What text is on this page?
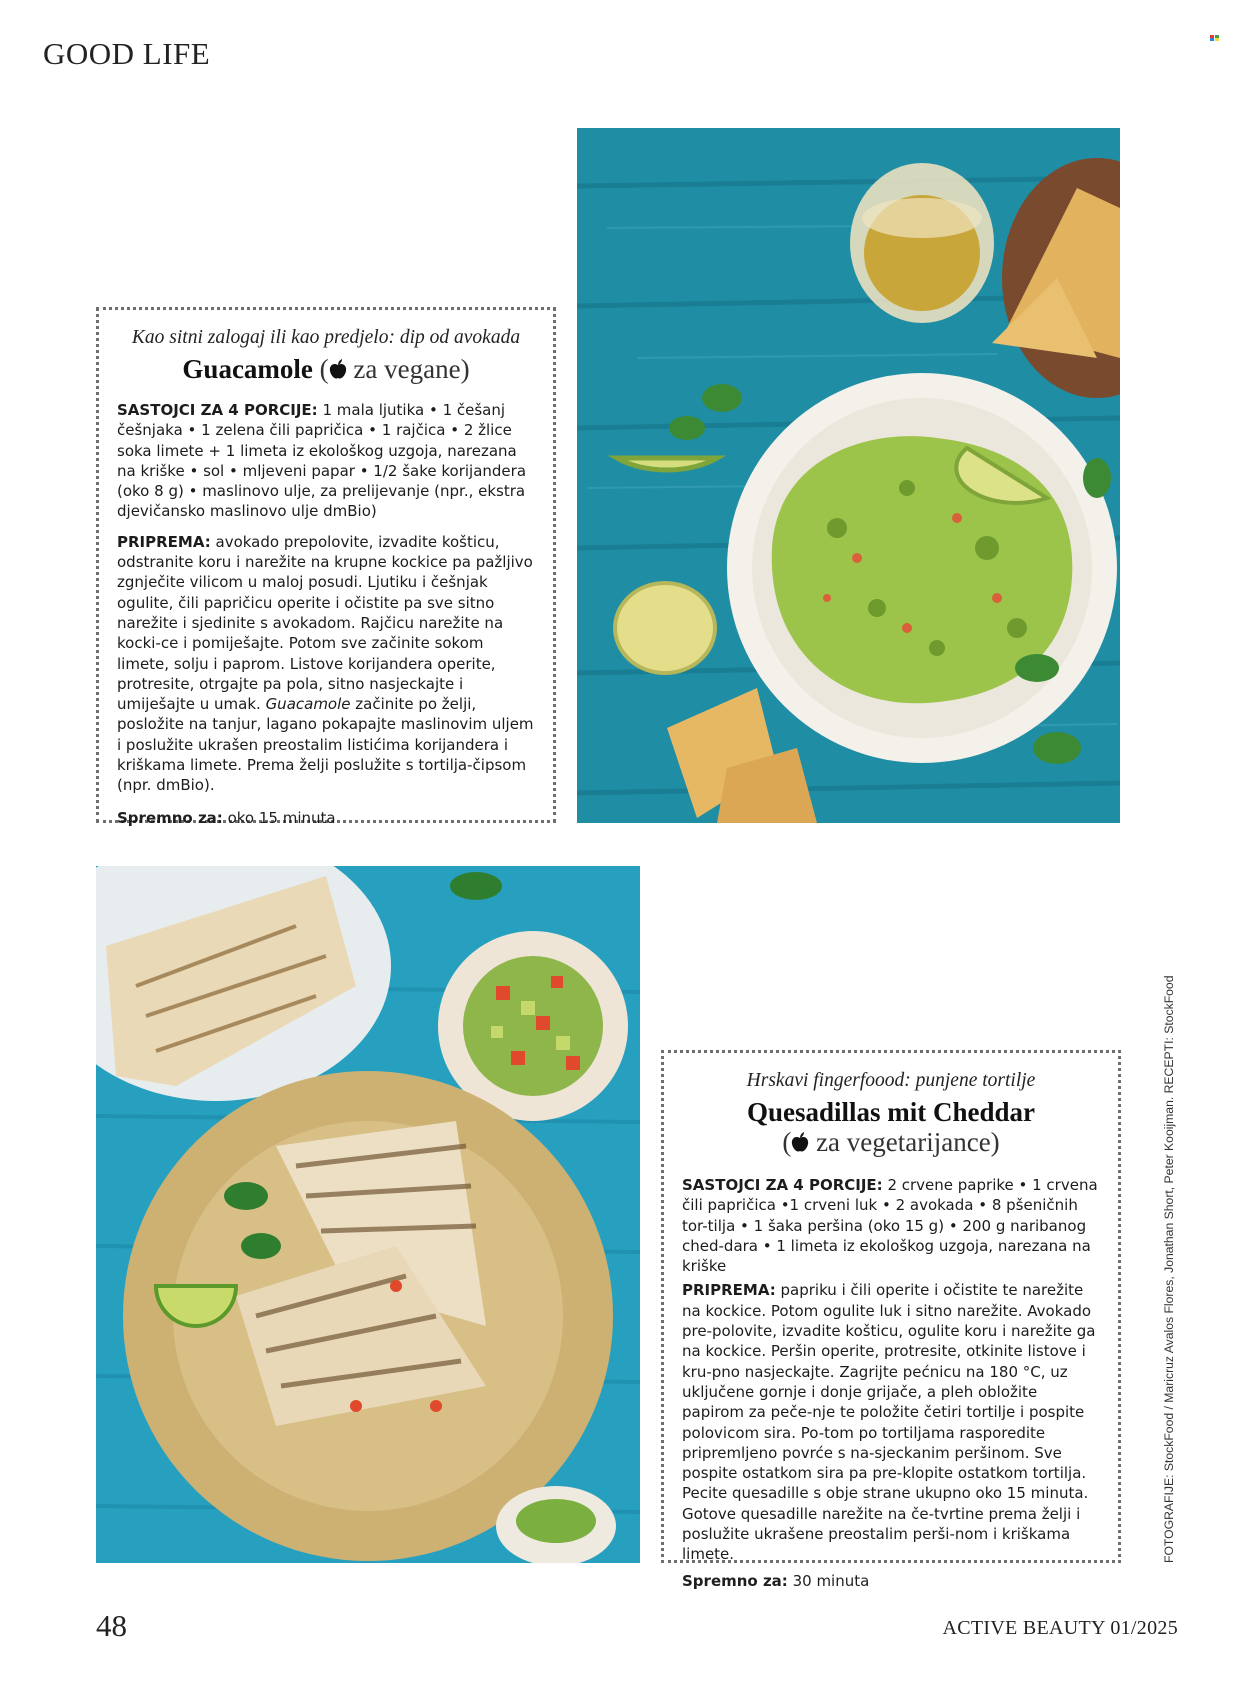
GOOD LIFE

Kao sitni zalogaj ili kao predjelo: dip od avokada

Guacamole ( za vegane)

SASTOJCI ZA 4 PORCIJE: 1 mala ljutika • 1 češanj češnjaka • 1 zelena čili papričica • 1 rajčica • 2 žlice soka limete + 1 limeta iz ekološkog uzgoja, narezana na kriške • sol • mljeveni papar • 1/2 šake korijandera (oko 8 g) • maslinovo ulje, za prelijevanje (npr., ekstra djevičansko maslinovo ulje dmBio)

PRIPREMA: avokado prepolovite, izvadite košticu, odstranite koru i narežite na krupne kockice pa pažljivo zgnječite vilicom u maloj posudi. Ljutiku i češnjak ogulite, čili papričicu operite i očistite pa sve sitno narežite i sjedinite s avokadom. Rajčicu narežite na kocki-ce i pomiješajte. Potom sve začinite sokom limete, solju i paprom. Listove korijandera operite, protresite, otrgajte pa pola, sitno nasjeckajte i umiješajte u umak. Guacamole začinite po želji, posložite na tanjur, lagano pokapajte maslinovim uljem i poslužite ukrašen preostalim listićima korijandera i kriškama limete. Prema želji poslužite s tortilja-čipsom (npr. dmBio).

Spremno za: oko 15 minuta

Hrskavi fingerfoood: punjene tortilje

Quesadillas mit Cheddar

( za vegetarijance)

SASTOJCI ZA 4 PORCIJE: 2 crvene paprike • 1 crvena čili papričica •1 crveni luk • 2 avokada • 8 pšeničnih tor-tilja • 1 šaka peršina (oko 15 g) • 200 g naribanog ched-dara • 1 limeta iz ekološkog uzgoja, narezana na kriške

PRIPREMA: papriku i čili operite i očistite te narežite na kockice. Potom ogulite luk i sitno narežite. Avokado pre-polovite, izvadite košticu, ogulite koru i narežite ga na kockice. Peršin operite, protresite, otkinite listove i kru-pno nasjeckajte. Zagrijte pećnicu na 180 °C, uz uključene gornje i donje grijače, a pleh obložite papirom za peče-nje te položite četiri tortilje i pospite polovicom sira. Po-tom po tortiljama rasporedite pripremljeno povrće s na-sjeckanim peršinom. Sve pospite ostatkom sira pa pre-klopite ostatkom tortilja. Pecite quesadille s obje strane ukupno oko 15 minuta. Gotove quesadille narežite na če-tvrtine prema želji i poslužite ukrašene preostalim perši-nom i kriškama limete.

Spremno za: 30 minuta

FOTOGRAFIJE: StockFood / Maricruz Avalos Flores, Jonathan Short, Peter Kooijman. RECEPTI: StockFood
48	ACTIVE BEAUTY 01/2025
